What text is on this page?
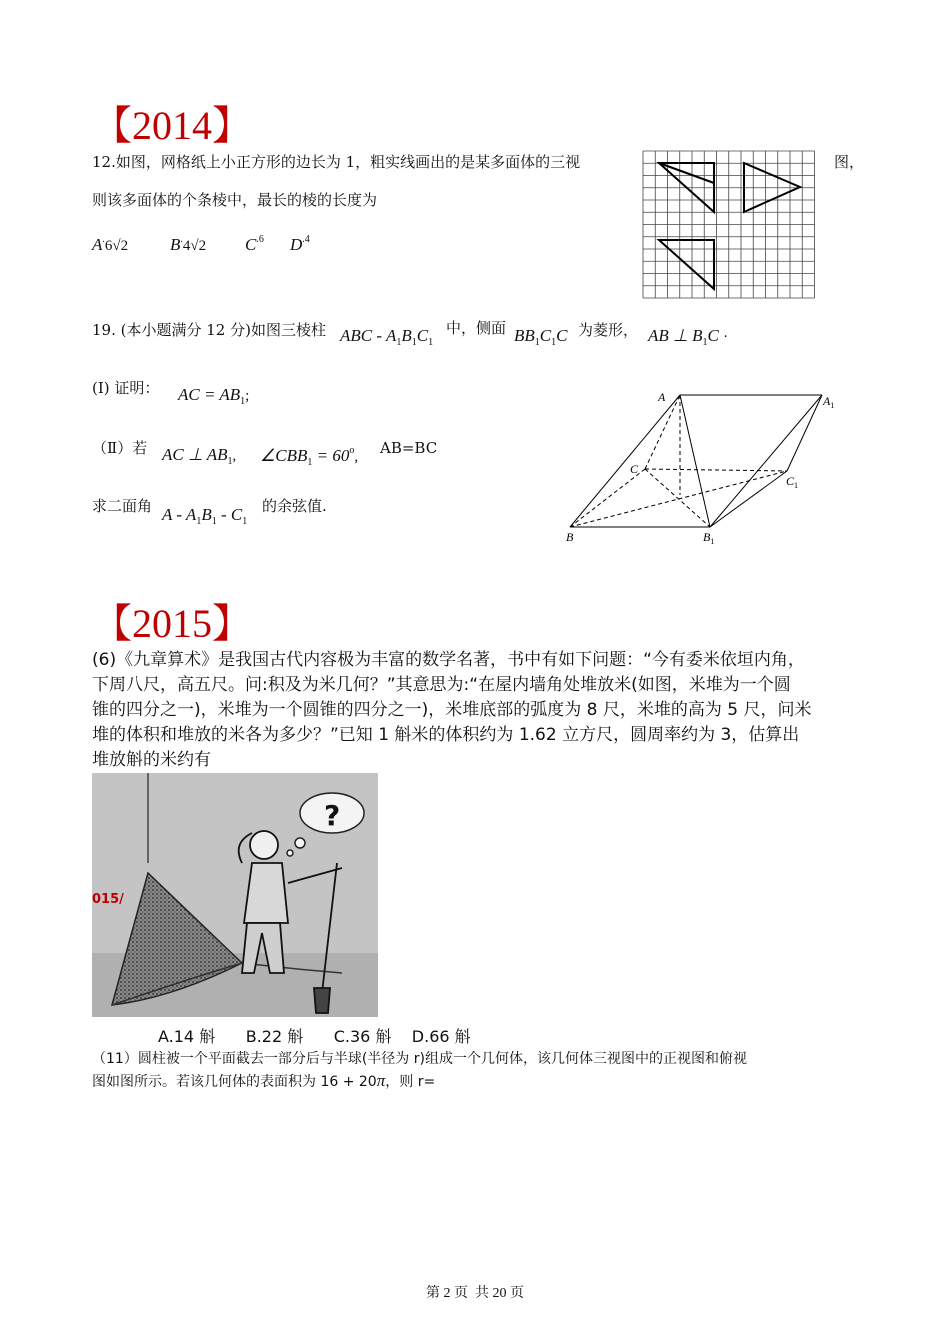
【2014】
12.如图，网格纸上小正方形的边长为 1，粗实线画出的是某多面体的三视	图，
则该多面体的个条棱中，最长的棱的长度为
A.6√2 B.4√2 $C^{.6}$ $D^{.4}$
19. (本小题满分 12 分)如图三棱柱 ABC - $A_1B_1C_1$
中，侧面 $BB_1C_1C$ 为菱形， AB ⊥ $B_1C$ ·
(Ⅰ) 证明： AC = $AB_1$;
（Ⅱ）若 AC ⊥ $AB_1$, $\angle CBB_1 = 60^o$, AB=BC
求二面角 A - $A_1B_1 - C_1$
的余弦值.
A	$A_1$
C
$C_1$
B	$B_1$
【2015】
(6)《九章算术》是我国古代内容极为丰富的数学名著，书中有如下问题：“今有委米依垣内角，
下周八尺，高五尺。问:积及为米几何？”其意思为:“在屋内墙角处堆放米(如图，米堆为一个圆
锥的四分之一)，米堆为一个圆锥的四分之一)，米堆底部的弧度为 8 尺，米堆的高为 5 尺，问米
堆的体积和堆放的米各为多少？”已知 1 斛米的体积约为 1.62 立方尺，圆周率约为 3，估算出
堆放斛的米约有
015/
?
A.14 斛      B.22 斛      C.36 斛    D.66 斛
（11）圆柱被一个平面截去一部分后与半球(半径为 r)组成一个几何体，该几何体三视图中的正视图和俯视
图如图所示。若该几何体的表面积为 16 + 20π，则 r=
第 2 页  共 20 页
